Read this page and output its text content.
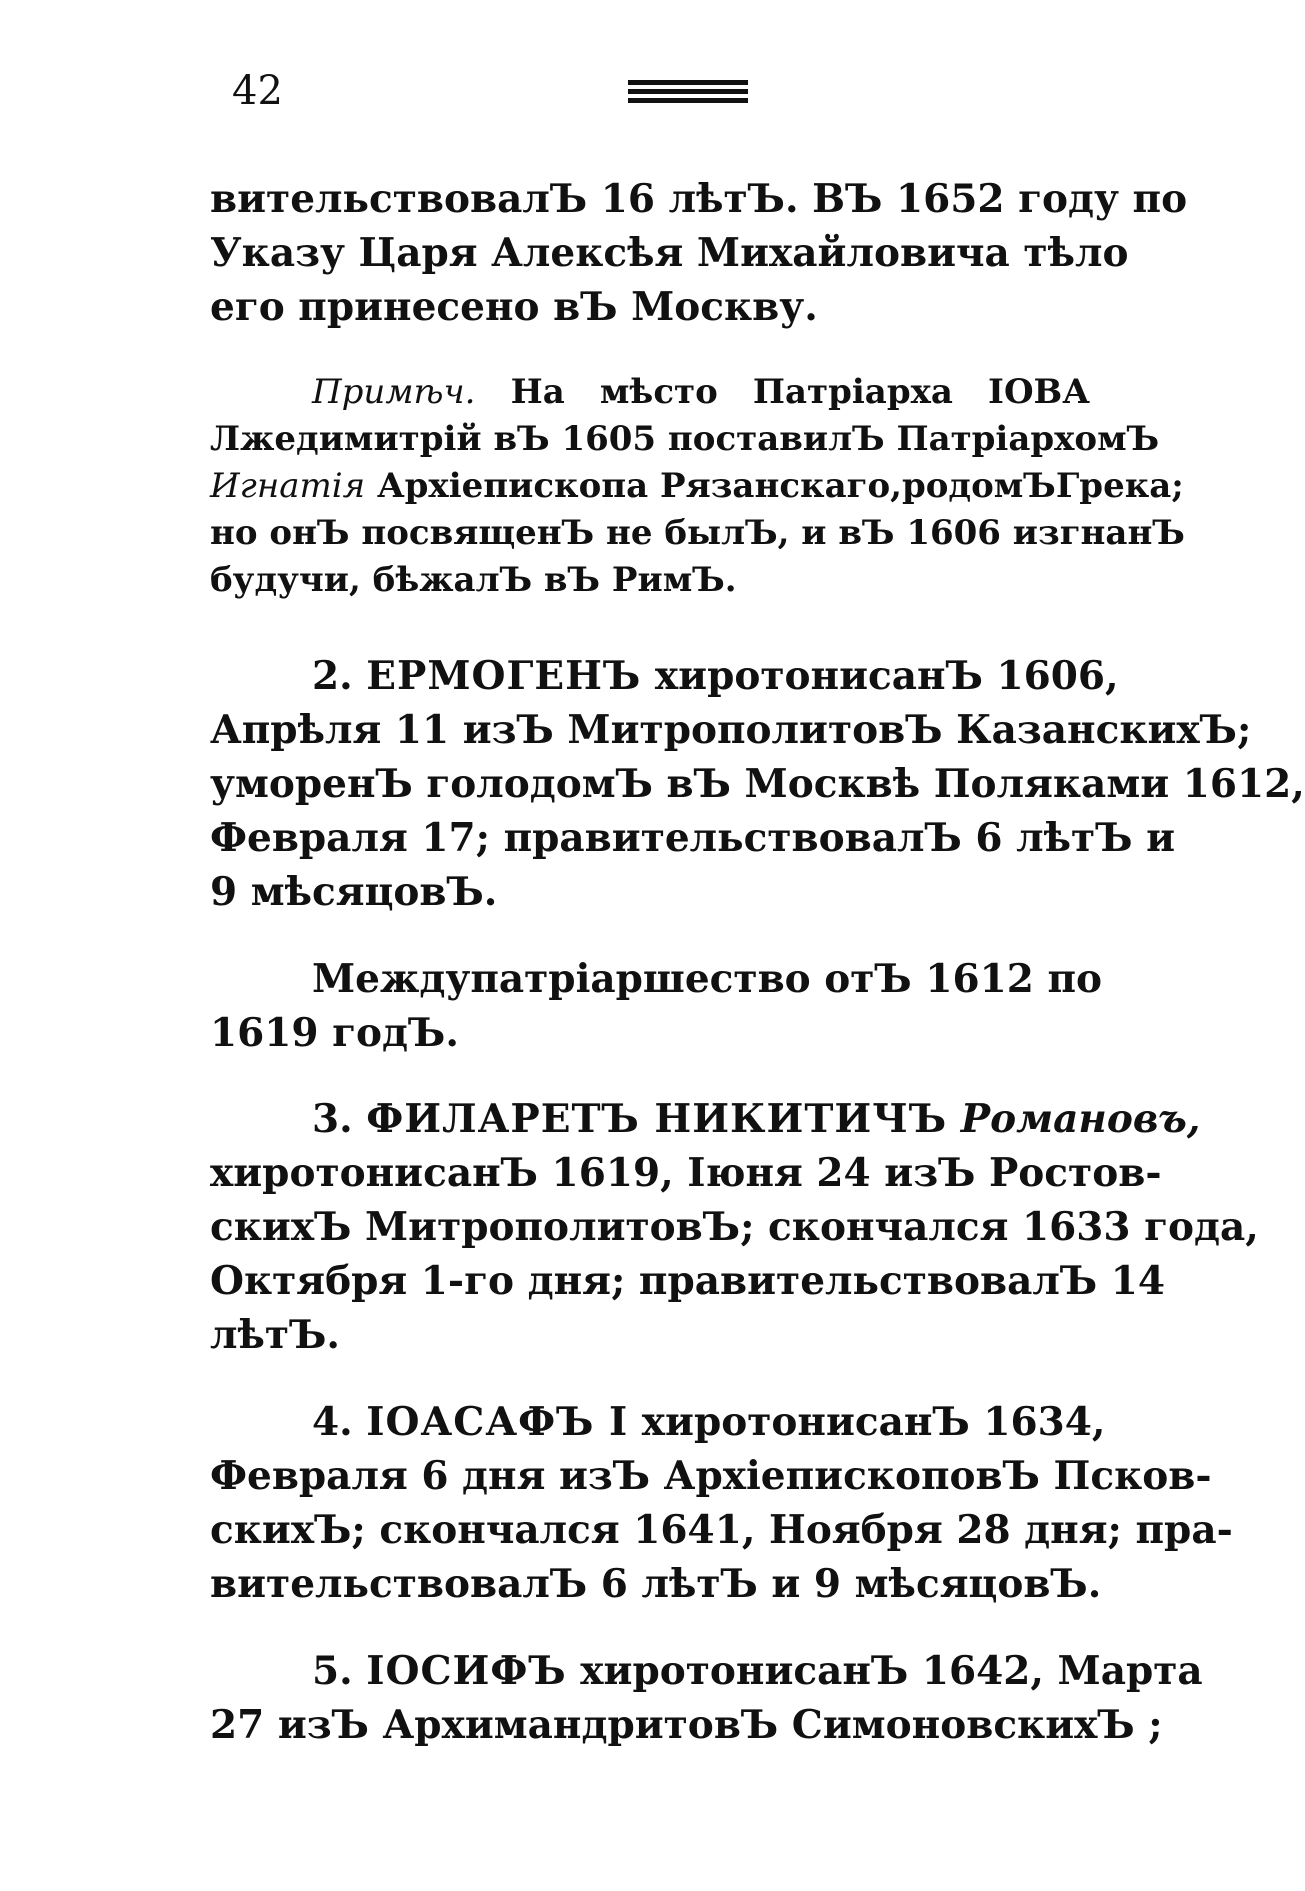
42
вительствовалЪ 16 лѣтЪ. ВЪ 1652 году по
Указу Царя Алексѣя Михайловича тѣло
его принесено вЪ Москву.
Примѣч. На мѣсто Патріарха ІОВА
Лжедимитрій вЪ 1605 поставилЪ ПатріархомЪ
Игнатія Архіепископа Рязанскаго,родомЪГрека;
но онЪ посвященЪ не былЪ, и вЪ 1606 изгнанЪ
будучи, бѣжалЪ вЪ РимЪ.
2. ЕРМОГЕНЪ хиротонисанЪ 1606,
Апрѣля 11 изЪ МитрополитовЪ КазанскихЪ;
уморенЪ голодомЪ вЪ Москвѣ Поляками 1612,
Февраля 17; правительствовалЪ 6 лѣтЪ и
9 мѣсяцовЪ.
Междупатріаршество отЪ 1612 по
1619 годЪ.
3. ФИЛАРЕТЪ НИКИТИЧЪ Романовъ,
хиротонисанЪ 1619, Іюня 24 изЪ Ростов-
скихЪ МитрополитовЪ; скончался 1633 года,
Октября 1-го дня; правительствовалЪ 14
лѣтЪ.
4. ІОАСАФЪ І хиротонисанЪ 1634,
Февраля 6 дня изЪ АрхіепископовЪ Псков-
скихЪ; скончался 1641, Ноября 28 дня; пра-
вительствовалЪ 6 лѣтЪ и 9 мѣсяцовЪ.
5. ІОСИФЪ хиротонисанЪ 1642, Марта
27 изЪ АрхимандритовЪ СимоновскихЪ ;
